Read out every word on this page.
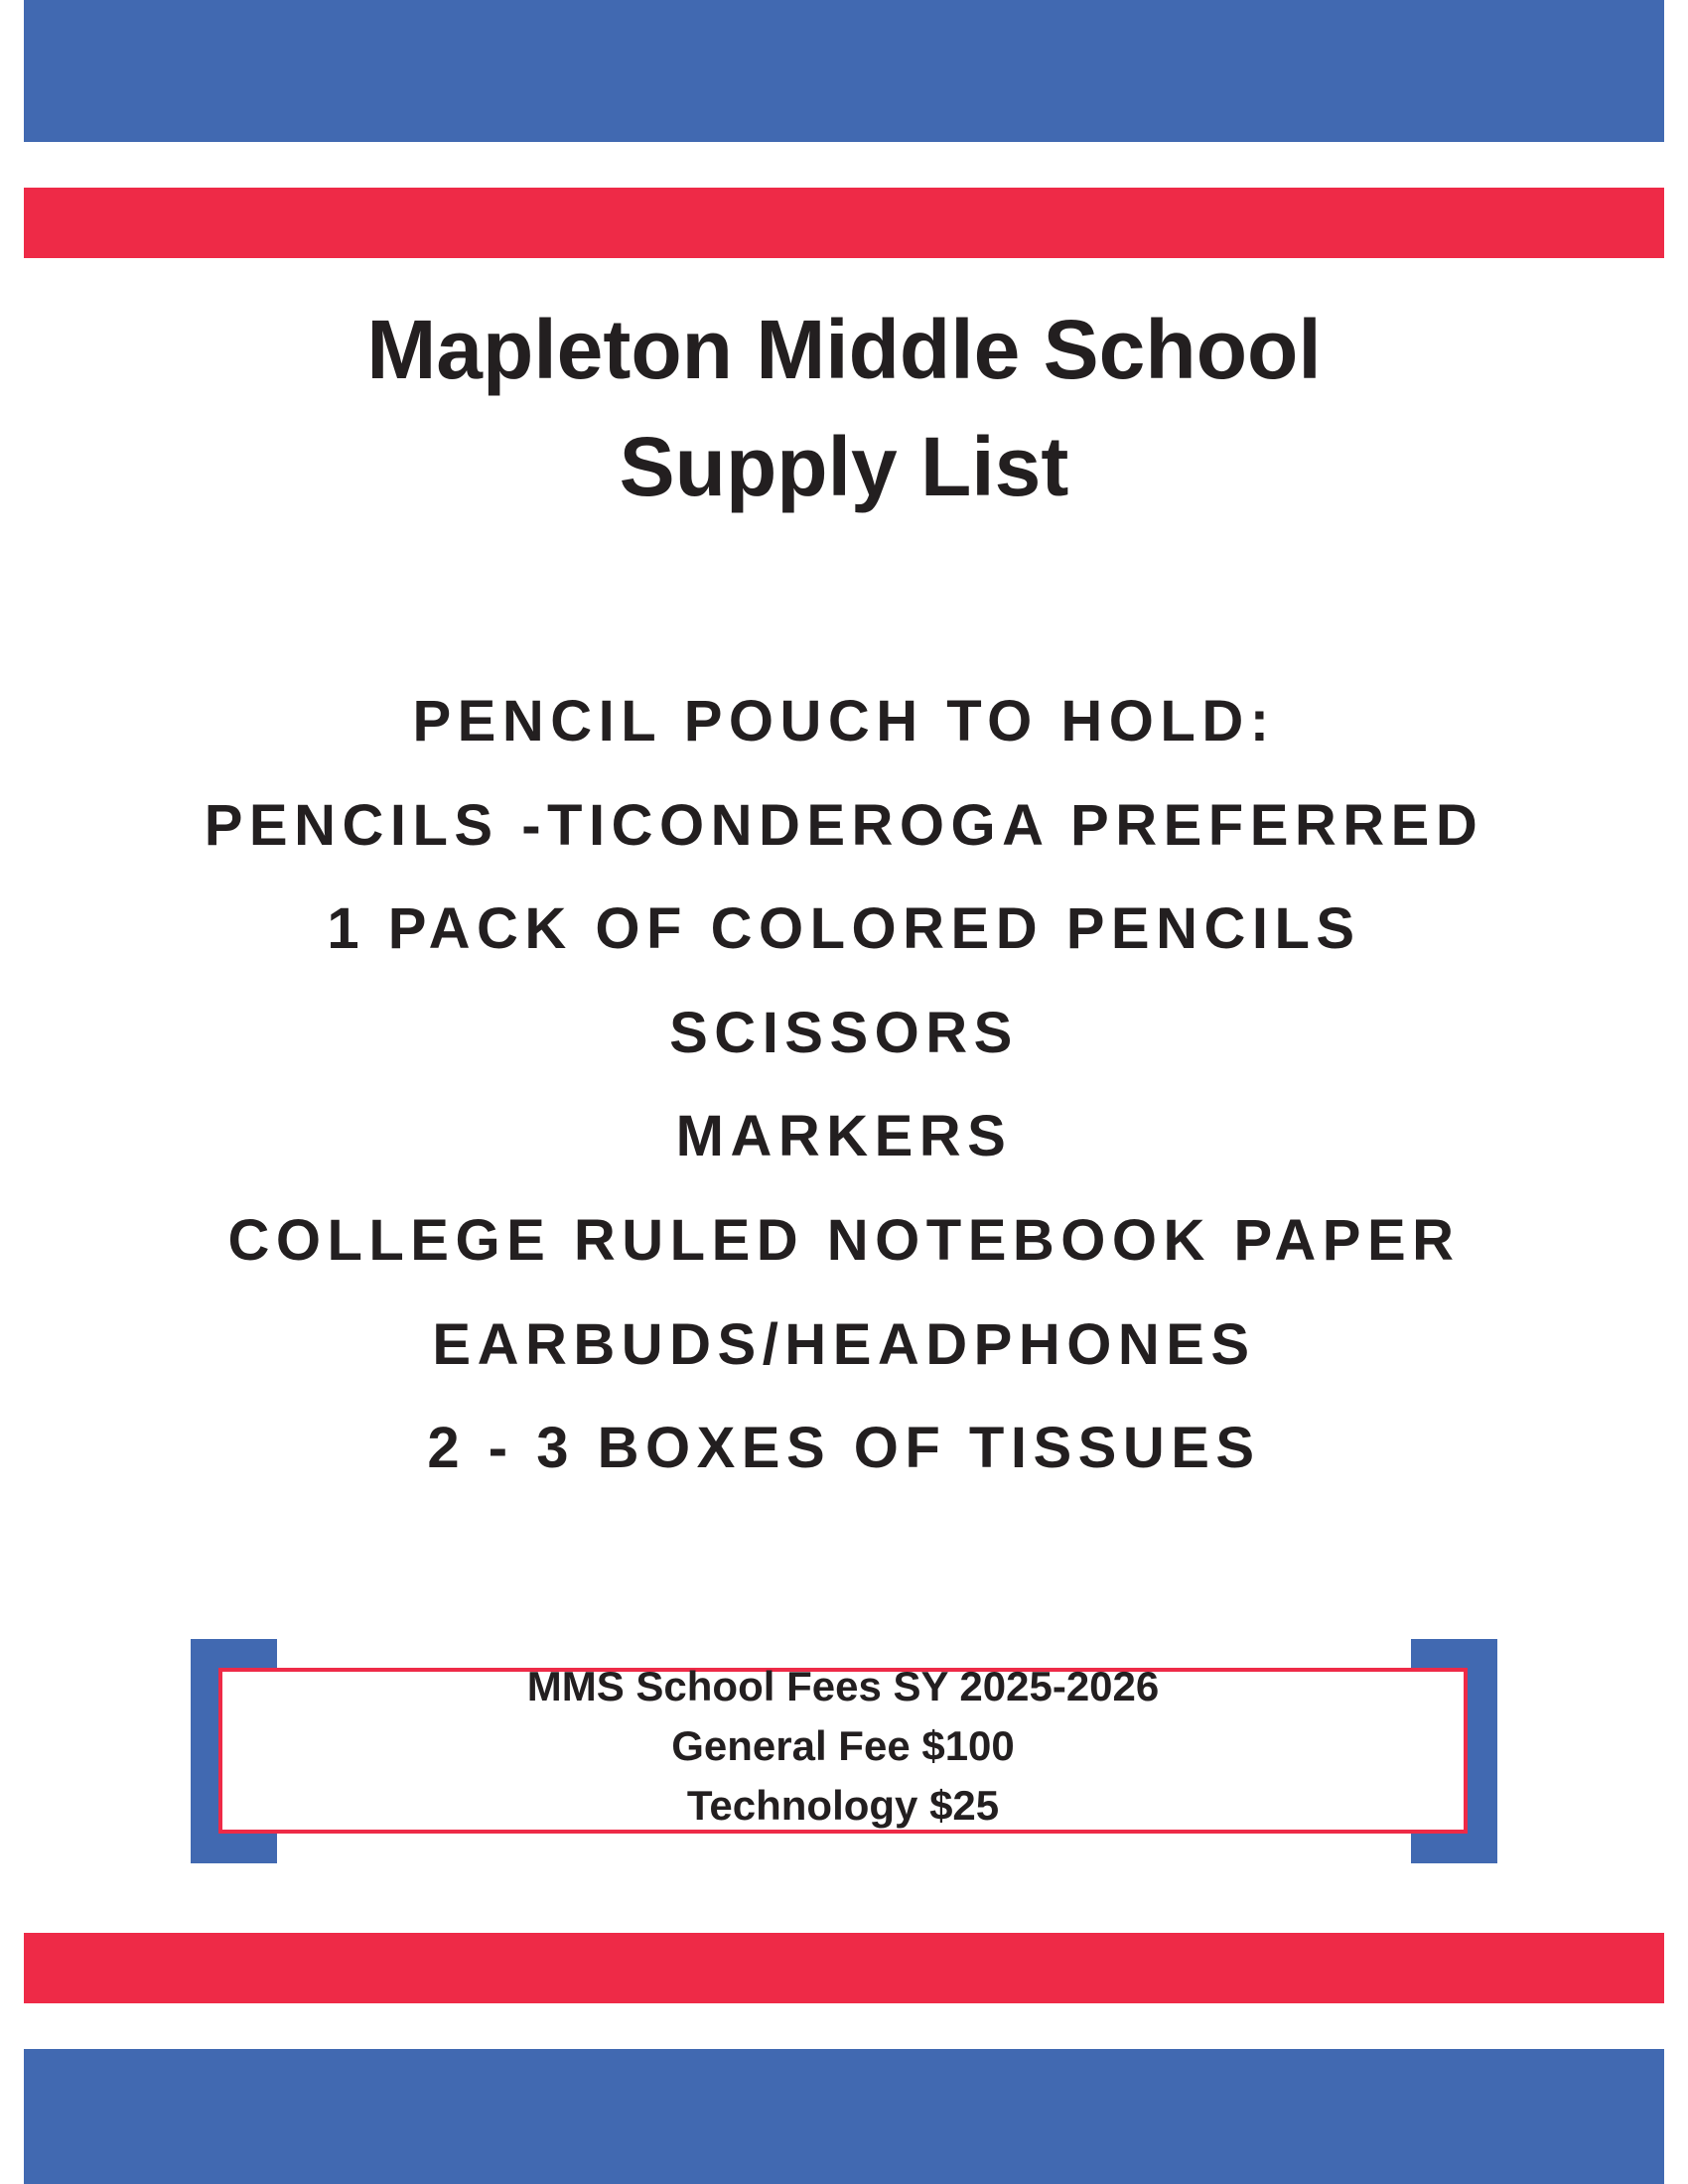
Mapleton Middle School
Supply List
PENCIL POUCH TO HOLD:
PENCILS -TICONDEROGA PREFERRED
1 PACK OF COLORED PENCILS
SCISSORS
MARKERS
COLLEGE RULED NOTEBOOK PAPER
EARBUDS/HEADPHONES
2 - 3 BOXES OF TISSUES

MMS School Fees SY 2025-2026

General Fee $100

Technology $25
